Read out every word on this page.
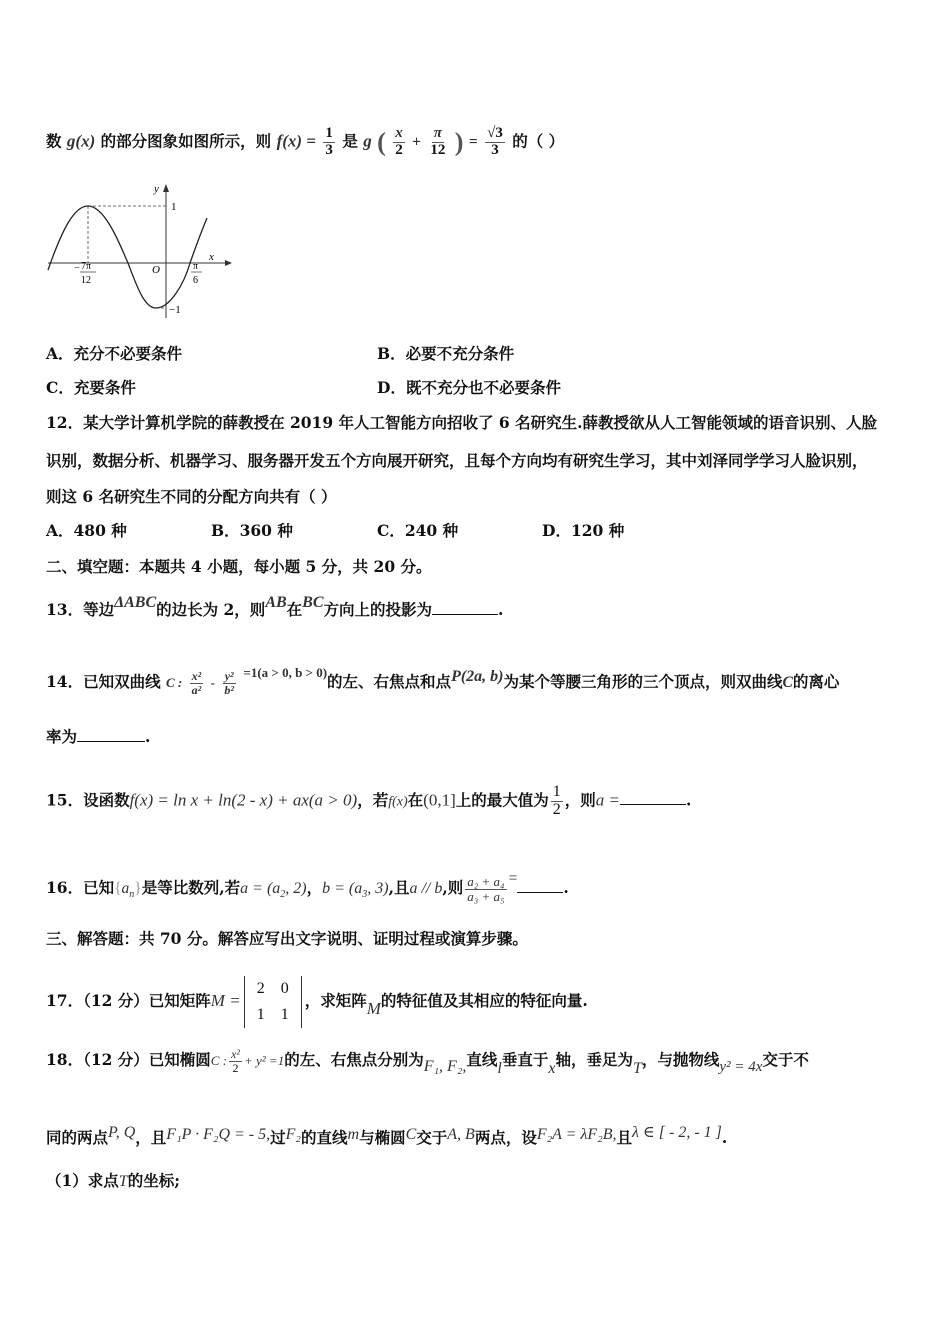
数 g(x) 的部分图象如图所示，则 $f(x) = \frac{1}{3}$ 是 g ( $\frac{x}{2} + \frac{\pi}{12}$ ) = $\frac{√3}{3}$ 的（ ）
y
x
O
1
−1
− 7π
12
π
6
A．充分不必要条件	B．必要不充分条件
C．充要条件	D．既不充分也不必要条件
12．某大学计算机学院的薛教授在 2019 年人工智能方向招收了 6 名研究生.薛教授欲从人工智能领域的语音识别、人脸
识别，数据分析、机器学习、服务器开发五个方向展开研究，且每个方向均有研究生学习，其中刘泽同学学习人脸识别，
则这 6 名研究生不同的分配方向共有（ ）
A．480 种	B．360 种	C．240 种	D．120 种
二、填空题：本题共 4 小题，每小题 5 分，共 20 分。
13．等边ΔABC的边长为 2，则AB在BC方向上的投影为	.
14．已知双曲线 C : $\frac{\text{x²}}{\text{a²}} - \frac{\text{y²}}{\text{b²}} ^{=1(a > 0, b > 0)}$的左、右焦点和点P(2a, b)为某个等腰三角形的三个顶点，则双曲线C的离心
率为	.
15．设函数f(x) = ln x + ln(2 - x) + ax(a > 0)，若f(x)在(0,1]上的最大值为 $\frac{1}{2}$ ，则a =	.
16．已知$\{a_n\}$是等比数列,若$a = (a_2$, 2)，$b = (a_3$, 3),且a // b,则 $\frac{\text{a₂ + a₄}}{\text{a₃ + a₅}}$ =	.
三、解答题：共 70 分。解答应写出文字说明、证明过程或演算步骤。
17．（12 分）已知矩阵M =
2	0
1	1
，求矩阵M的特征值及其相应的特征向量.
18．（12 分）已知椭圆C : $\frac{\text{x²}}{2} + y^2 =1$的左、右焦点分别为F₁, F₂,直线l垂直于x轴，垂足为T，与抛物线y² = 4x交于不
同的两点P, Q，且F₁P · F₂Q = - 5,过F₂的直线m与椭圆C交于A, B两点，设F₂A = λF₂B,且λ ∈ [ - 2, - 1 ].
（1）求点T的坐标;
